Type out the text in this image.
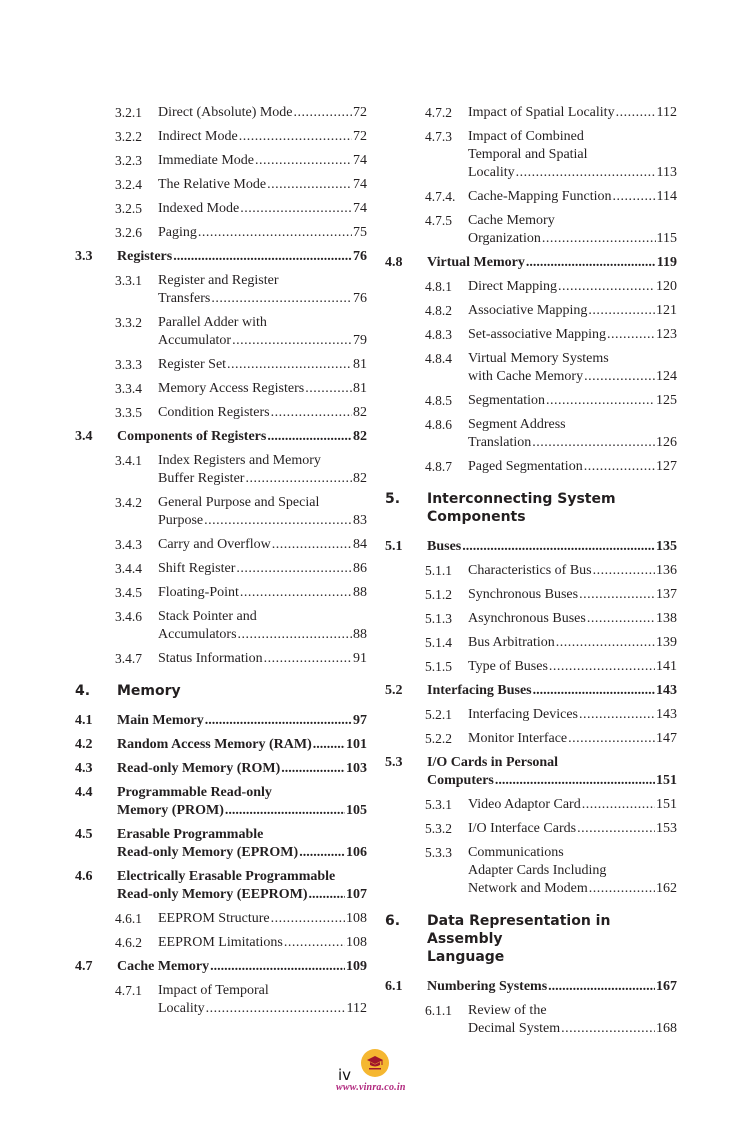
3.2.1	Direct (Absolute) Mode .....	72
3.2.2	Indirect Mode .....	72
3.2.3	Immediate Mode .....	74
3.2.4	The Relative Mode .....	74
3.2.5	Indexed Mode .....	74
3.2.6	Paging .....	75
3.3	Registers .....	76
3.3.1	Register and Register
Transfers .....	76
3.3.2	Parallel Adder with
Accumulator .....	79
3.3.3	Register Set .....	81
3.3.4	Memory Access Registers .....	81
3.3.5	Condition Registers .....	82
3.4	Components of Registers .....	82
3.4.1	Index Registers and Memory
Buffer Register .....	82
3.4.2	General Purpose and Special
Purpose .....	83
3.4.3	Carry and Overflow .....	84
3.4.4	Shift Register .....	86
3.4.5	Floating-Point .....	88
3.4.6	Stack Pointer and
Accumulators .....	88
3.4.7	Status Information .....	91
4.	Memory
4.1	Main Memory .....	97
4.2	Random Access Memory (RAM) ..... 101
4.3	Read-only Memory (ROM) .....	103
4.4	Programmable Read-only
Memory (PROM) .....	105
4.5	Erasable Programmable
Read-only Memory (EPROM) .....	106
4.6	Electrically Erasable Programmable
Read-only Memory (EEPROM) .....	107
4.6.1	EEPROM Structure .....	108
4.6.2	EEPROM Limitations .....	108
4.7	Cache Memory .....	109
4.7.1	Impact of Temporal
Locality .....	112
4.7.2	Impact of Spatial Locality .....	112
4.7.3	Impact of Combined
Temporal and Spatial
Locality .....	113
4.7.4. Cache-Mapping Function .....	114
4.7.5	Cache Memory
Organization .....	115
4.8	Virtual Memory .....	119
4.8.1	Direct Mapping .....	120
4.8.2	Associative Mapping .....	121
4.8.3	Set-associative Mapping .....	123
4.8.4	Virtual Memory Systems
with Cache Memory .....	124
4.8.5	Segmentation .....	125
4.8.6	Segment Address
Translation .....	126
4.8.7	Paged Segmentation .....	127
5.	Interconnecting System
Components
5.1	Buses .....	135
5.1.1	Characteristics of Bus .....	136
5.1.2	Synchronous Buses .....	137
5.1.3	Asynchronous Buses .....	138
5.1.4	Bus Arbitration .....	139
5.1.5	Type of Buses .....	141
5.2	Interfacing Buses .....	143
5.2.1	Interfacing Devices .....	143
5.2.2	Monitor Interface .....	147
5.3	I/O Cards in Personal
Computers .....	151
5.3.1	Video Adaptor Card .....	151
5.3.2	I/O Interface Cards .....	153
5.3.3	Communications
Adapter Cards Including
Network and Modem .....	162
6.	Data Representation in Assembly
Language
6.1	Numbering Systems .....	167
6.1.1	Review of the
Decimal System .....	168
iv
www.vinra.co.in
